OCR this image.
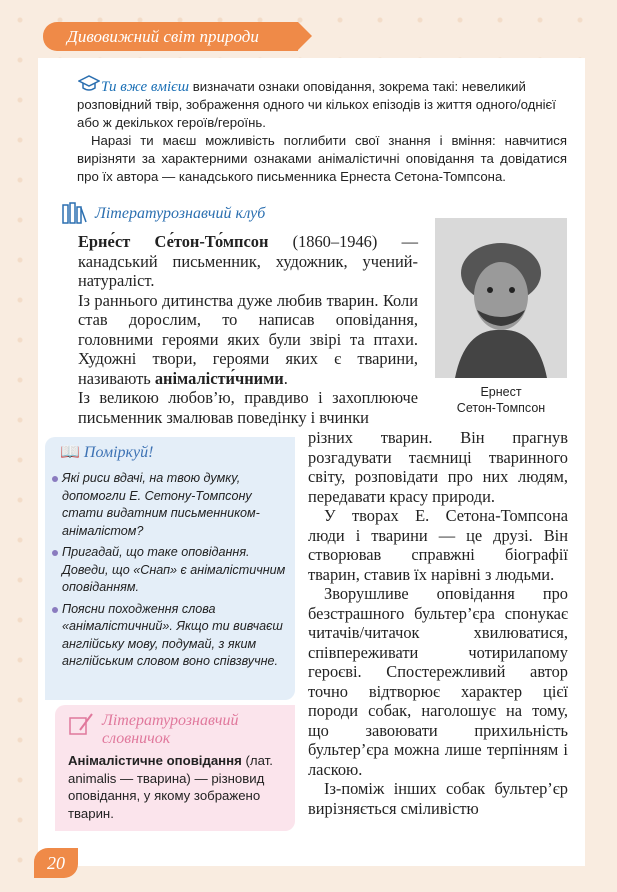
Дивовижний світ природи

Ти вже вмієш визначати ознаки оповідання, зокрема такі: невеликий розповідний твір, зображення одного чи кількох епізодів із життя одного/однієї або ж декількох героїв/героїнь.

Наразі ти маєш можливість поглибити свої знання і вміння: навчитися вирізняти за характерними ознаками анімалістичні оповідання та довідатися про їх автора — канадського письменника Ернеста Сетона-Томпсона.

Літературознавчий клуб

Ерне́ст Се́тон-То́мпсон (1860–1946) — канадський письменник, художник, учений-натураліст.

Із раннього дитинства дуже любив тварин. Коли став дорослим, то написав оповідання, головними героями яких були звірі та птахи. Художні твори, героями яких є тварини, називають анімалісти́чними.

Із великою любов’ю, правдиво і захоплююче письменник змалював поведінку і вчинки

Ернест
Сетон-Томпсон
📖 Поміркуй!
Які риси вдачі, на твою думку, допомогли Е. Сетону-Томпсону стати видатним письменником-анімалістом?
Пригадай, що таке оповідання. Доведи, що «Снап» є анімалістичним оповіданням.
Поясни походження слова «анімалістичний». Якщо ти вивчаєш англійську мову, подумай, з яким англійським словом воно співзвучне.

різних тварин. Він прагнув розгадувати таємниці тваринного світу, розповідати про них людям, передавати красу природи.

У творах Е. Сетона-Томпсона люди і тварини — це друзі. Він створював справжні біографії тварин, ставив їх нарівні з людьми.

Зворушливе оповідання про безстрашного бультер’єра спонукає читачів/читачок хвилюватися, співпереживати чотирилапому героєві. Спостережливий автор точно відтворює характер цієї породи собак, наголошує на тому, що завоювати прихильність бультер’єра можна лише терпінням і ласкою.

Із-поміж інших собак бультер’єр вирізняється сміливістю

Літературознавчий словничок
Анімалістичне оповідання (лат. animalis — тварина) — різновид оповідання, у якому зображено тварин.
20
